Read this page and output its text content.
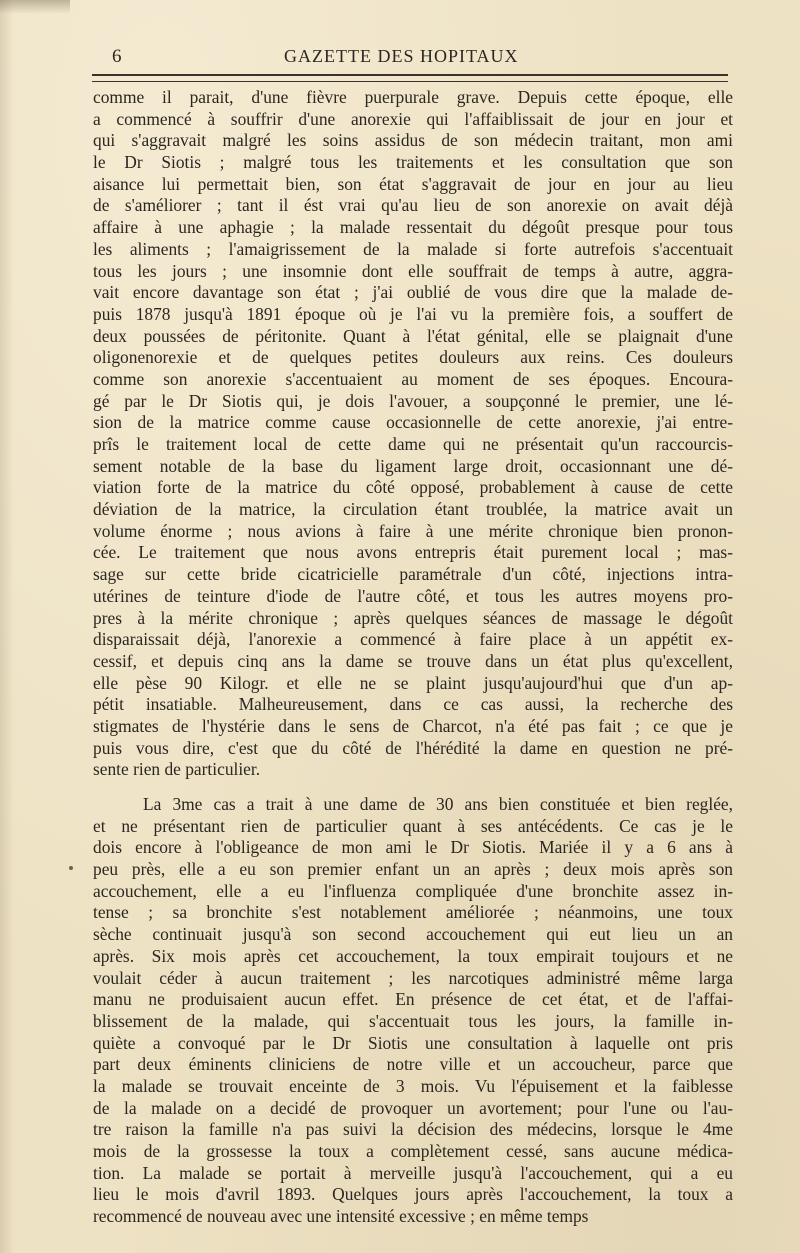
6	GAZETTE DES HOPITAUX
comme il parait, d'une fièvre puerpurale grave. Depuis cette époque, elle
a commencé à souffrir d'une anorexie qui l'affaiblissait de jour en jour et
qui s'aggravait malgré les soins assidus de son médecin traitant, mon ami
le Dr Siotis ; malgré tous les traitements et les consultation que son
aisance lui permettait bien, son état s'aggravait de jour en jour au lieu
de s'améliorer ; tant il ést vrai qu'au lieu de son anorexie on avait déjà
affaire à une aphagie ; la malade ressentait du dégoût presque pour tous
les aliments ; l'amaigrissement de la malade si forte autrefois s'accentuait
tous les jours ; une insomnie dont elle souffrait de temps à autre, aggra-
vait encore davantage son état ; j'ai oublié de vous dire que la malade de-
puis 1878 jusqu'à 1891 époque où je l'ai vu la première fois, a souffert de
deux poussées de péritonite. Quant à l'état génital, elle se plaignait d'une
oligonenorexie et de quelques petites douleurs aux reins. Ces douleurs
comme son anorexie s'accentuaient au moment de ses époques. Encoura-
gé par le Dr Siotis qui, je dois l'avouer, a soupçonné le premier, une lé-
sion de la matrice comme cause occasionnelle de cette anorexie, j'ai entre-
prîs le traitement local de cette dame qui ne présentait qu'un raccourcis-
sement notable de la base du ligament large droit, occasionnant une dé-
viation forte de la matrice du côté opposé, probablement à cause de cette
déviation de la matrice, la circulation étant troublée, la matrice avait un
volume énorme ; nous avions à faire à une mérite chronique bien pronon-
cée. Le traitement que nous avons entrepris était purement local ; mas-
sage sur cette bride cicatricielle paramétrale d'un côté, injections intra-
utérines de teinture d'iode de l'autre côté, et tous les autres moyens pro-
pres à la mérite chronique ; après quelques séances de massage le dégoût
disparaissait déjà, l'anorexie a commencé à faire place à un appétit ex-
cessif, et depuis cinq ans la dame se trouve dans un état plus qu'excellent,
elle pèse 90 Kilogr. et elle ne se plaint jusqu'aujourd'hui que d'un ap-
pétit insatiable. Malheureusement, dans ce cas aussi, la recherche des
stigmates de l'hystérie dans le sens de Charcot, n'a été pas fait ; ce que je
puis vous dire, c'est que du côté de l'hérédité la dame en question ne pré-
sente rien de particulier.
La 3me cas a trait à une dame de 30 ans bien constituée et bien reglée,
et ne présentant rien de particulier quant à ses antécédents. Ce cas je le
dois encore à l'obligeance de mon ami le Dr Siotis. Mariée il y a 6 ans à
peu près, elle a eu son premier enfant un an après ; deux mois après son
accouchement, elle a eu l'influenza compliquée d'une bronchite assez in-
tense ; sa bronchite s'est notablement améliorée ; néanmoins, une toux
sèche continuait jusqu'à son second accouchement qui eut lieu un an
après. Six mois après cet accouchement, la toux empirait toujours et ne
voulait céder à aucun traitement ; les narcotiques administré même larga
manu ne produisaient aucun effet. En présence de cet état, et de l'affai-
blissement de la malade, qui s'accentuait tous les jours, la famille in-
quiète a convoqué par le Dr Siotis une consultation à laquelle ont pris
part deux éminents cliniciens de notre ville et un accoucheur, parce que
la malade se trouvait enceinte de 3 mois. Vu l'épuisement et la faiblesse
de la malade on a decidé de provoquer un avortement; pour l'une ou l'au-
tre raison la famille n'a pas suivi la décision des médecins, lorsque le 4me
mois de la grossesse la toux a complètement cessé, sans aucune médica-
tion. La malade se portait à merveille jusqu'à l'accouchement, qui a eu
lieu le mois d'avril 1893. Quelques jours après l'accouchement, la toux a
recommencé de nouveau avec une intensité excessive ; en même temps
